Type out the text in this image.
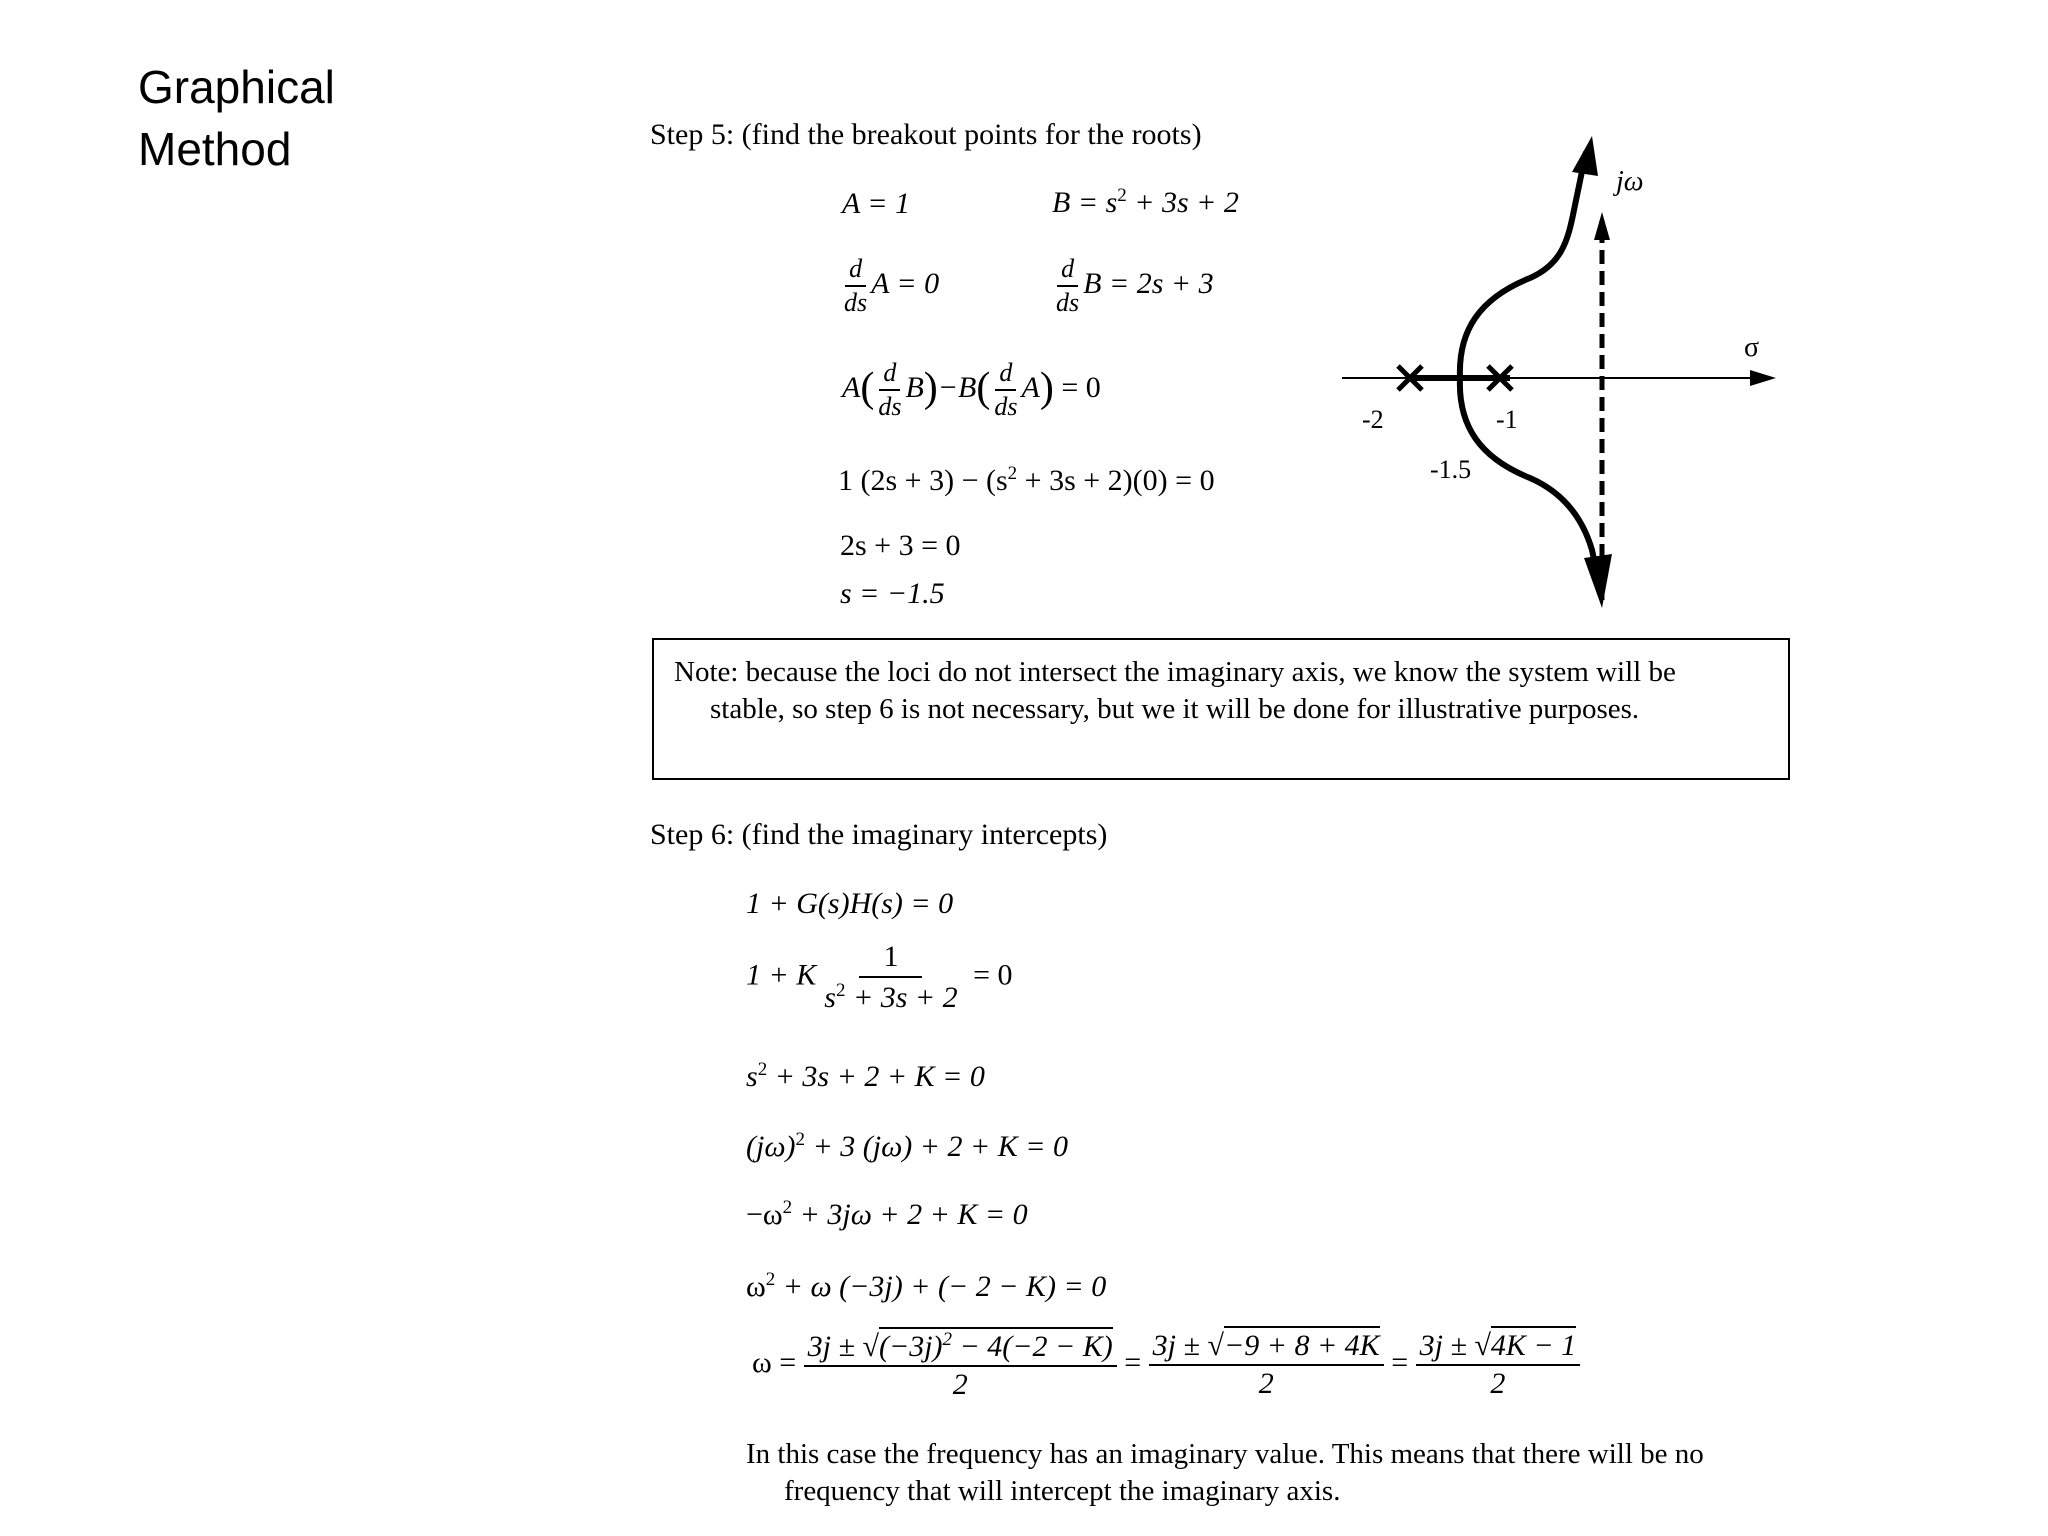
Graphical
Method	Step 5: (find the breakout points for the roots)
A = 1	$B = s^2 + 3s + 2$
$\frac{d}{ds}$ A = 0	$\frac{d}{ds}$ B = 2s + 3
$A( \frac{d}{ds} B)-B( \frac{d}{ds} A) = 0$
1 $(2s + 3) - (s^2 + 3s + 2)(0) = 0$
2s + 3 = 0
s = −1.5
jω
σ
-2	-1
-1.5
Note: because the loci do not intersect the imaginary axis, we know the system will be
stable, so step 6 is not necessary, but we it will be done for illustrative purposes.
Step 6: (find the imaginary intercepts)
1 + G(s)H(s) = 0
1 + K $\frac{1}{s^2 + 3s + 2} = 0$
$s^2 + 3s + 2 + K = 0$
$(j\omega)^2 + 3$ (jω) + 2 + K = 0
$-\omega^2 + 3j\omega + 2 + K = 0$
$\omega^2 + \omega$ (−3j) + (− 2 − K) = 0
$\omega = \frac{3j \pm √(-3j)^2 - 4(-2 - K)}{2} = \frac{3j \pm √-9 + 8 + 4K}{2} = \frac{3j \pm √4K - 1}{2}$
In this case the frequency has an imaginary value. This means that there will be no
frequency that will intercept the imaginary axis.
